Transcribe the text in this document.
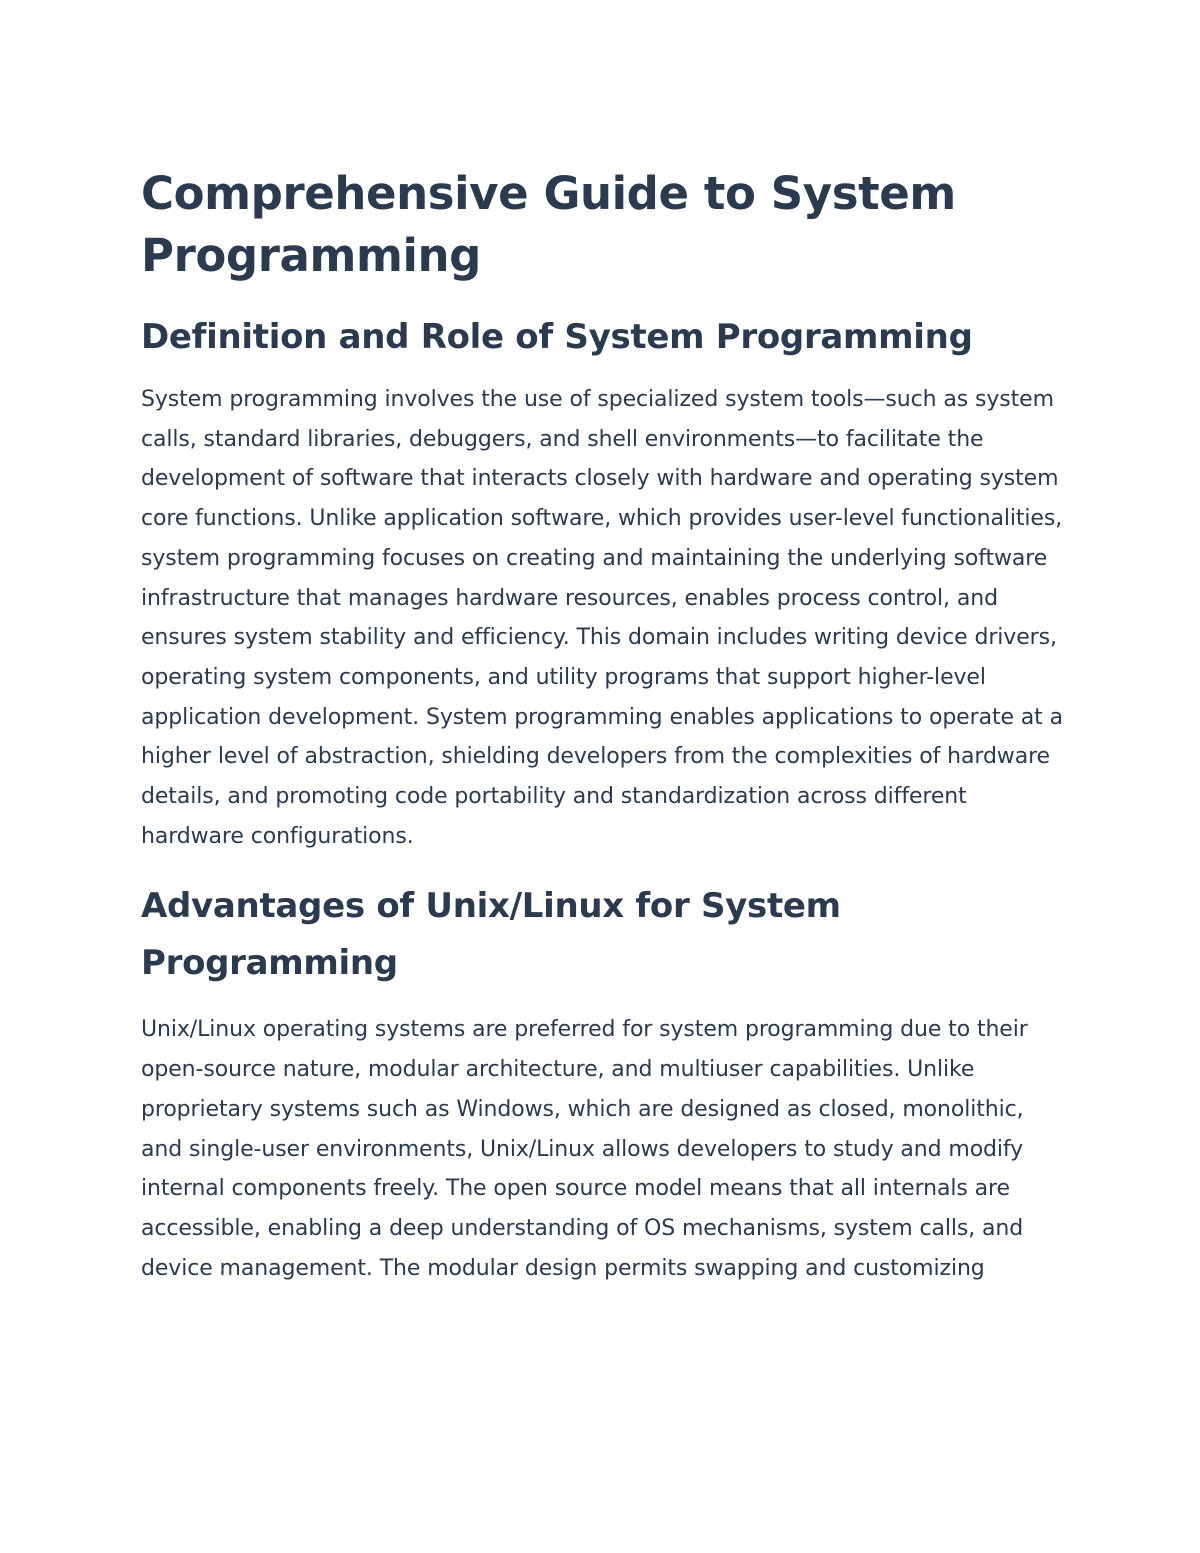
Comprehensive Guide to System Programming
Definition and Role of System Programming

System programming involves the use of specialized system tools—such as system calls, standard libraries, debuggers, and shell environments—to facilitate the development of software that interacts closely with hardware and operating system core functions. Unlike application software, which provides user-level functionalities, system programming focuses on creating and maintaining the underlying software infrastructure that manages hardware resources, enables process control, and ensures system stability and efficiency. This domain includes writing device drivers, operating system components, and utility programs that support higher-level application development. System programming enables applications to operate at a higher level of abstraction, shielding developers from the complexities of hardware details, and promoting code portability and standardization across different hardware configurations.

Advantages of Unix/Linux for System Programming

Unix/Linux operating systems are preferred for system programming due to their open-source nature, modular architecture, and multiuser capabilities. Unlike proprietary systems such as Windows, which are designed as closed, monolithic, and single-user environments, Unix/Linux allows developers to study and modify internal components freely. The open source model means that all internals are accessible, enabling a deep understanding of OS mechanisms, system calls, and device management. The modular design permits swapping and customizing
